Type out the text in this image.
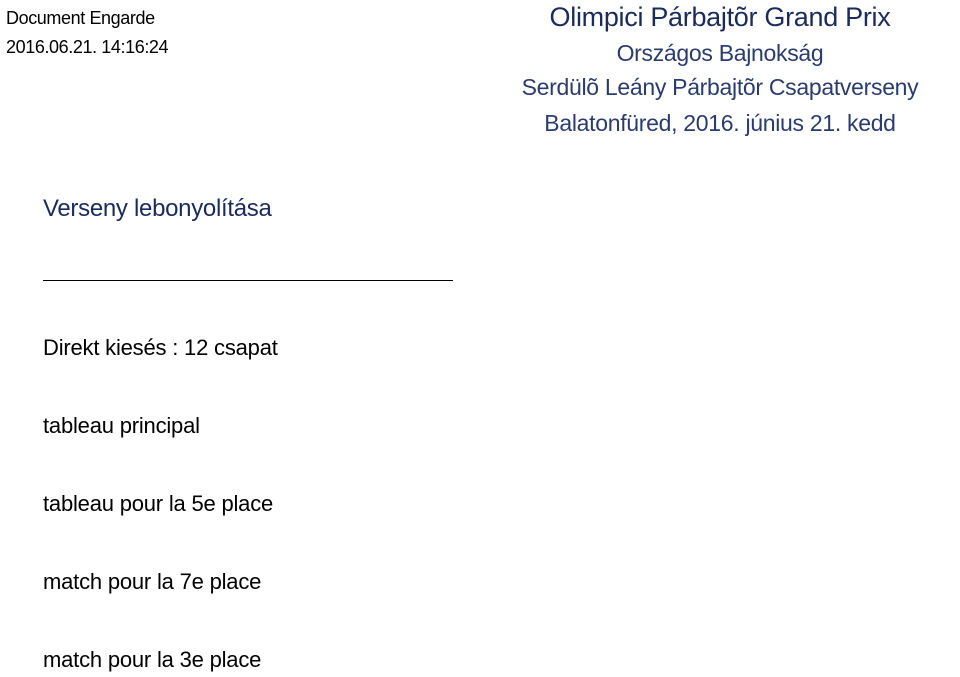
Document Engarde
2016.06.21. 14:16:24
Olimpici Párbajtõr Grand Prix
Országos Bajnokság
Serdülõ Leány Párbajtõr Csapatverseny
Balatonfüred, 2016. június 21. kedd
Verseny lebonyolítása
Direkt kiesés : 12 csapat
tableau principal
tableau pour la 5e place
match pour la 7e place
match pour la 3e place
